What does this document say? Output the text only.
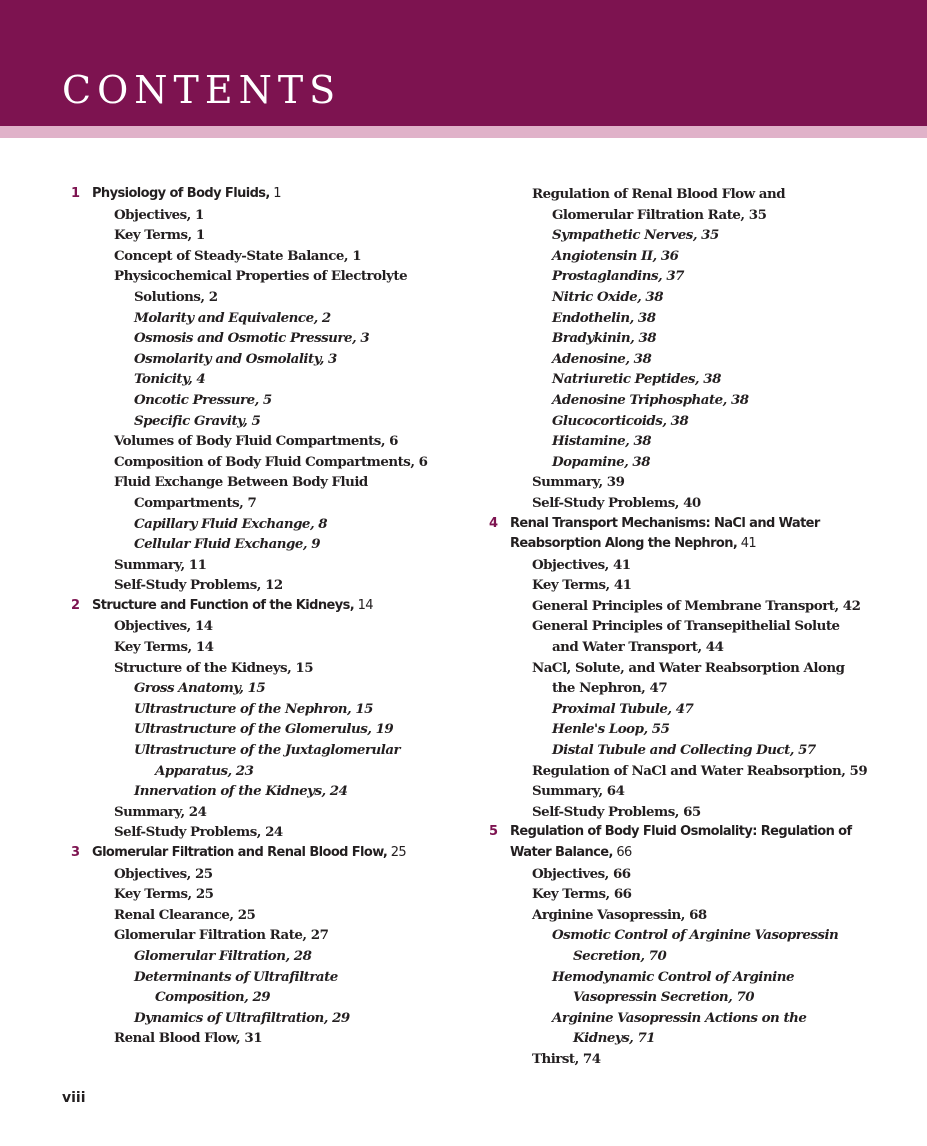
CONTENTS
1 Physiology of Body Fluids, 1
Objectives, 1
Key Terms, 1
Concept of Steady-State Balance, 1
Physicochemical Properties of Electrolyte
Solutions, 2
Molarity and Equivalence, 2
Osmosis and Osmotic Pressure, 3
Osmolarity and Osmolality, 3
Tonicity, 4
Oncotic Pressure, 5
Specific Gravity, 5
Volumes of Body Fluid Compartments, 6
Composition of Body Fluid Compartments, 6
Fluid Exchange Between Body Fluid
Compartments, 7
Capillary Fluid Exchange, 8
Cellular Fluid Exchange, 9
Summary, 11
Self-Study Problems, 12
2 Structure and Function of the Kidneys, 14
Objectives, 14
Key Terms, 14
Structure of the Kidneys, 15
Gross Anatomy, 15
Ultrastructure of the Nephron, 15
Ultrastructure of the Glomerulus, 19
Ultrastructure of the Juxtaglomerular
Apparatus, 23
Innervation of the Kidneys, 24
Summary, 24
Self-Study Problems, 24
3 Glomerular Filtration and Renal Blood Flow, 25
Objectives, 25
Key Terms, 25
Renal Clearance, 25
Glomerular Filtration Rate, 27
Glomerular Filtration, 28
Determinants of Ultrafiltrate
Composition, 29
Dynamics of Ultrafiltration, 29
Renal Blood Flow, 31
Regulation of Renal Blood Flow and
Glomerular Filtration Rate, 35
Sympathetic Nerves, 35
Angiotensin II, 36
Prostaglandins, 37
Nitric Oxide, 38
Endothelin, 38
Bradykinin, 38
Adenosine, 38
Natriuretic Peptides, 38
Adenosine Triphosphate, 38
Glucocorticoids, 38
Histamine, 38
Dopamine, 38
Summary, 39
Self-Study Problems, 40
4 Renal Transport Mechanisms: NaCl and Water
Reabsorption Along the Nephron, 41
Objectives, 41
Key Terms, 41
General Principles of Membrane Transport, 42
General Principles of Transepithelial Solute
and Water Transport, 44
NaCl, Solute, and Water Reabsorption Along
the Nephron, 47
Proximal Tubule, 47
Henle's Loop, 55
Distal Tubule and Collecting Duct, 57
Regulation of NaCl and Water Reabsorption, 59
Summary, 64
Self-Study Problems, 65
5 Regulation of Body Fluid Osmolality: Regulation of
Water Balance, 66
Objectives, 66
Key Terms, 66
Arginine Vasopressin, 68
Osmotic Control of Arginine Vasopressin
Secretion, 70
Hemodynamic Control of Arginine
Vasopressin Secretion, 70
Arginine Vasopressin Actions on the
Kidneys, 71
Thirst, 74
viii
